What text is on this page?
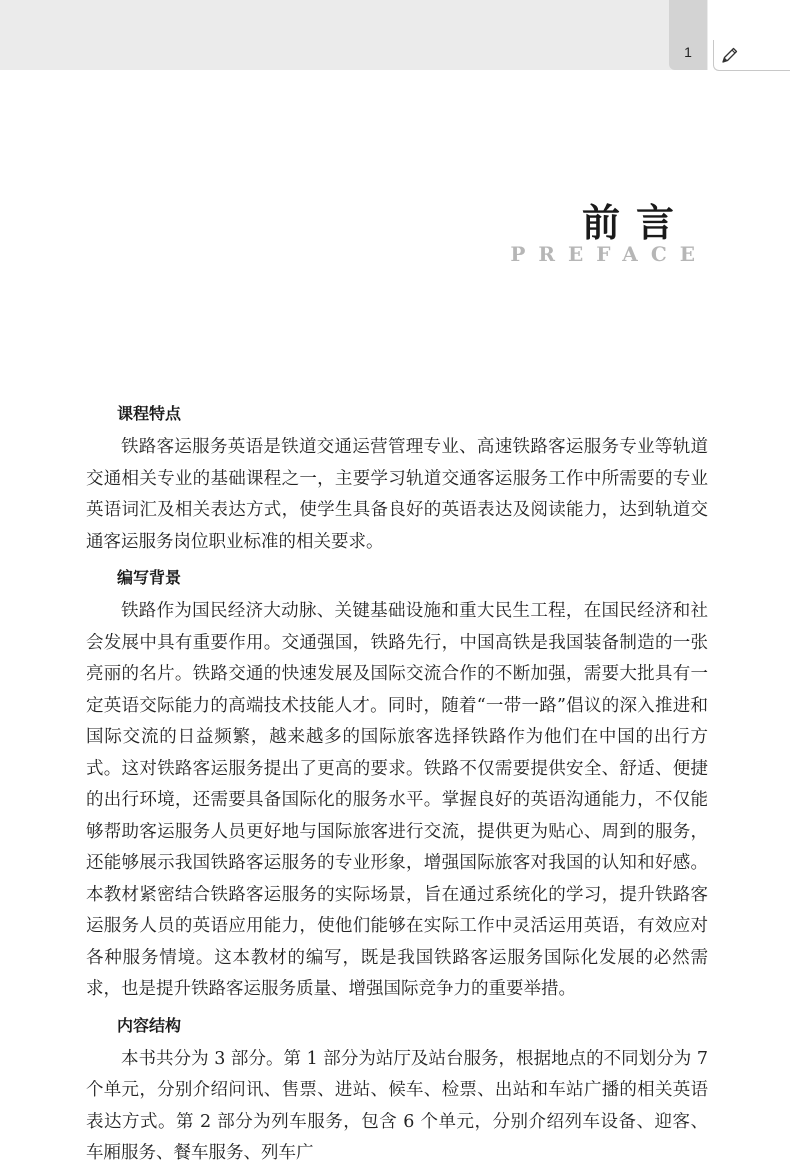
1
前言
PREFACE
课程特点

铁路客运服务英语是铁道交通运营管理专业、高速铁路客运服务专业等轨道交通相关专业的基础课程之一，主要学习轨道交通客运服务工作中所需要的专业英语词汇及相关表达方式，使学生具备良好的英语表达及阅读能力，达到轨道交通客运服务岗位职业标准的相关要求。

编写背景

铁路作为国民经济大动脉、关键基础设施和重大民生工程，在国民经济和社会发展中具有重要作用。交通强国，铁路先行，中国高铁是我国装备制造的一张亮丽的名片。铁路交通的快速发展及国际交流合作的不断加强，需要大批具有一定英语交际能力的高端技术技能人才。同时，随着“一带一路”倡议的深入推进和国际交流的日益频繁，越来越多的国际旅客选择铁路作为他们在中国的出行方式。这对铁路客运服务提出了更高的要求。铁路不仅需要提供安全、舒适、便捷的出行环境，还需要具备国际化的服务水平。掌握良好的英语沟通能力，不仅能够帮助客运服务人员更好地与国际旅客进行交流，提供更为贴心、周到的服务，还能够展示我国铁路客运服务的专业形象，增强国际旅客对我国的认知和好感。本教材紧密结合铁路客运服务的实际场景，旨在通过系统化的学习，提升铁路客运服务人员的英语应用能力，使他们能够在实际工作中灵活运用英语，有效应对各种服务情境。这本教材的编写，既是我国铁路客运服务国际化发展的必然需求，也是提升铁路客运服务质量、增强国际竞争力的重要举措。

内容结构

本书共分为 3 部分。第 1 部分为站厅及站台服务，根据地点的不同划分为 7 个单元，分别介绍问讯、售票、进站、候车、检票、出站和车站广播的相关英语表达方式。第 2 部分为列车服务，包含 6 个单元，分别介绍列车设备、迎客、车厢服务、餐车服务、列车广
